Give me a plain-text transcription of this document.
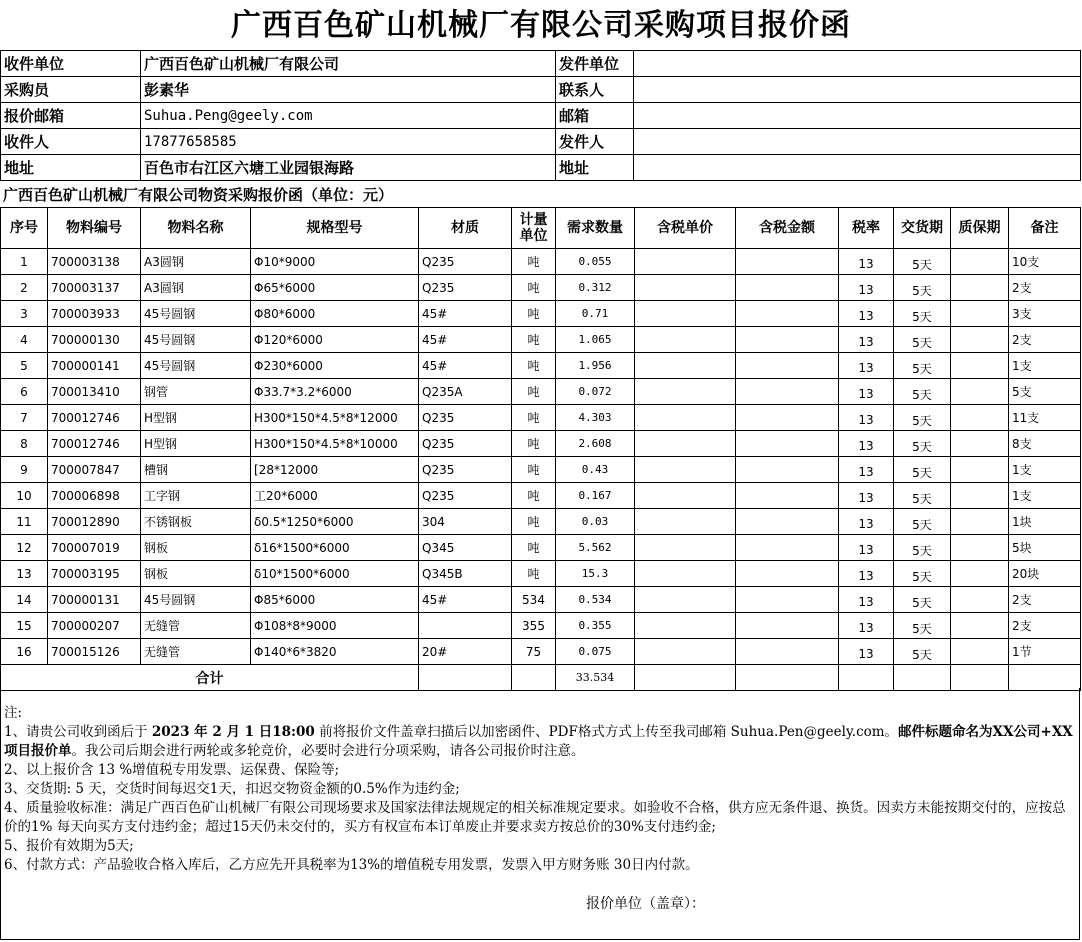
广西百色矿山机械厂有限公司采购项目报价函
收件单位	广西百色矿山机械厂有限公司	发件单位	
采购员	彭素华	联系人	
报价邮箱	Suhua.Peng@geely.com	邮箱	
收件人	17877658585	发件人	
地址	百色市右江区六塘工业园银海路	地址	
广西百色矿山机械厂有限公司物资采购报价函（单位：元）
序号	物料编号	物料名称	规格型号	材质	计量单位	需求数量	含税单价	含税金额	税率	交货期	质保期	备注
1	700003138	A3圆钢	Φ10*9000	Q235	吨	0.055			13	5天		10支
2	700003137	A3圆钢	Φ65*6000	Q235	吨	0.312			13	5天		2支
3	700003933	45号圆钢	Φ80*6000	45#	吨	0.71			13	5天		3支
4	700000130	45号圆钢	Φ120*6000	45#	吨	1.065			13	5天		2支
5	700000141	45号圆钢	Φ230*6000	45#	吨	1.956			13	5天		1支
6	700013410	钢管	Φ33.7*3.2*6000	Q235A	吨	0.072			13	5天		5支
7	700012746	H型钢	H300*150*4.5*8*12000	Q235	吨	4.303			13	5天		11支
8	700012746	H型钢	H300*150*4.5*8*10000	Q235	吨	2.608			13	5天		8支
9	700007847	槽钢	[28*12000	Q235	吨	0.43			13	5天		1支
10	700006898	工字钢	工20*6000	Q235	吨	0.167			13	5天		1支
11	700012890	不锈钢板	δ0.5*1250*6000	304	吨	0.03			13	5天		1块
12	700007019	钢板	δ16*1500*6000	Q345	吨	5.562			13	5天		5块
13	700003195	钢板	δ10*1500*6000	Q345B	吨	15.3			13	5天		20块
14	700000131	45号圆钢	Φ85*6000	45#	534	0.534			13	5天		2支
15	700000207	无缝管	Φ108*8*9000		355	0.355			13	5天		2支
16	700015126	无缝管	Φ140*6*3820	20#	75	0.075			13	5天		1节
合计						33.534						

注:

1、请贵公司收到函后于 2023 年 2 月 1 日18:00 前将报价文件盖章扫描后以加密函件、PDF格式方式上传至我司邮箱 Suhua.Pen@geely.com。邮件标题命名为XX公司+XX项目报价单。我公司后期会进行两轮或多轮竞价，必要时会进行分项采购，请各公司报价时注意。

2、以上报价含 13 %增值税专用发票、运保费、保险等;

3、交货期: 5 天，交货时间每迟交1天，扣迟交物资金额的0.5%作为违约金;

4、质量验收标准：满足广西百色矿山机械厂有限公司现场要求及国家法律法规规定的相关标准规定要求。如验收不合格，供方应无条件退、换货。因卖方未能按期交付的，应按总价的1% 每天向买方支付违约金；超过15天仍未交付的，买方有权宣布本订单废止并要求卖方按总价的30%支付违约金;

5、报价有效期为5天;

6、付款方式：产品验收合格入库后，乙方应先开具税率为13%的增值税专用发票，发票入甲方财务账 30日内付款。

报价单位（盖章）：
